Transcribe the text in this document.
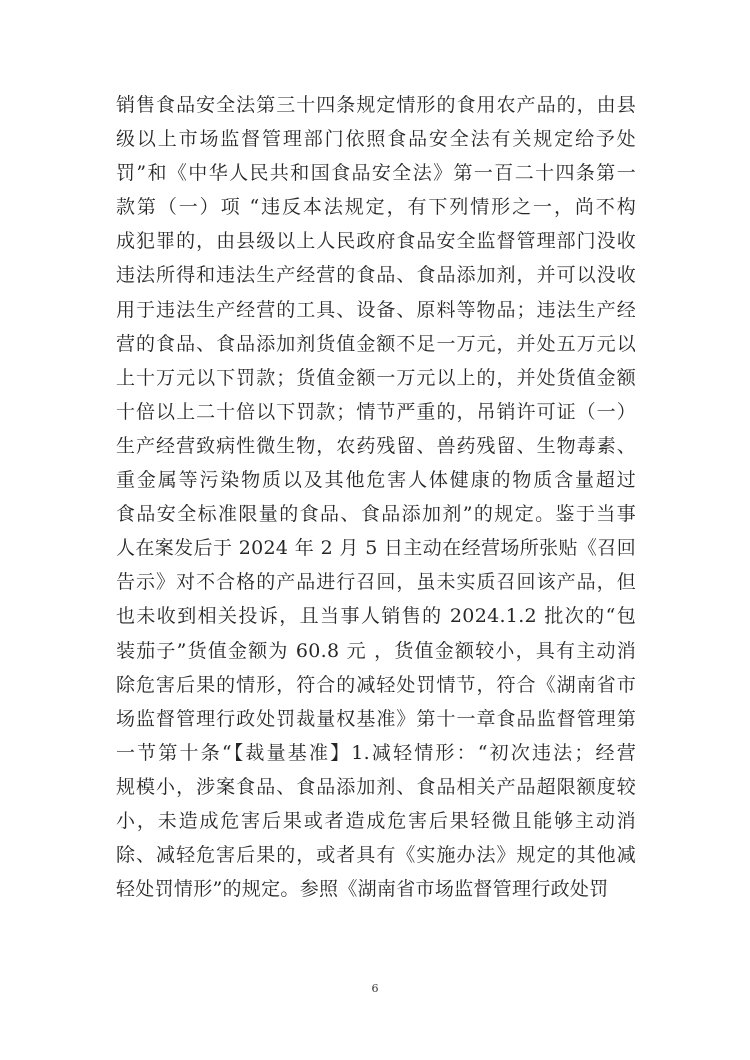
销售食品安全法第三十四条规定情形的食用农产品的，由县
级以上市场监督管理部门依照食品安全法有关规定给予处
罚”和《中华人民共和国食品安全法》第一百二十四条第一
款第（一）项 “违反本法规定，有下列情形之一，尚不构
成犯罪的，由县级以上人民政府食品安全监督管理部门没收
违法所得和违法生产经营的食品、食品添加剂，并可以没收
用于违法生产经营的工具、设备、原料等物品；违法生产经
营的食品、食品添加剂货值金额不足一万元，并处五万元以
上十万元以下罚款；货值金额一万元以上的，并处货值金额
十倍以上二十倍以下罚款；情节严重的，吊销许可证（一）
生产经营致病性微生物，农药残留、兽药残留、生物毒素、
重金属等污染物质以及其他危害人体健康的物质含量超过
食品安全标准限量的食品、食品添加剂”的规定。鉴于当事
人在案发后于 2024 年 2 月 5 日主动在经营场所张贴《召回
告示》对不合格的产品进行召回，虽未实质召回该产品，但
也未收到相关投诉，且当事人销售的 2024.1.2 批次的“包
装茄子”货值金额为 60.8 元 ，货值金额较小，具有主动消
除危害后果的情形，符合的减轻处罚情节，符合《湖南省市
场监督管理行政处罚裁量权基准》第十一章食品监督管理第
一节第十条“【裁量基准】1.减轻情形：“初次违法；经营
规模小，涉案食品、食品添加剂、食品相关产品超限额度较
小，未造成危害后果或者造成危害后果轻微且能够主动消
除、减轻危害后果的，或者具有《实施办法》规定的其他减
轻处罚情形”的规定。参照《湖南省市场监督管理行政处罚
6
